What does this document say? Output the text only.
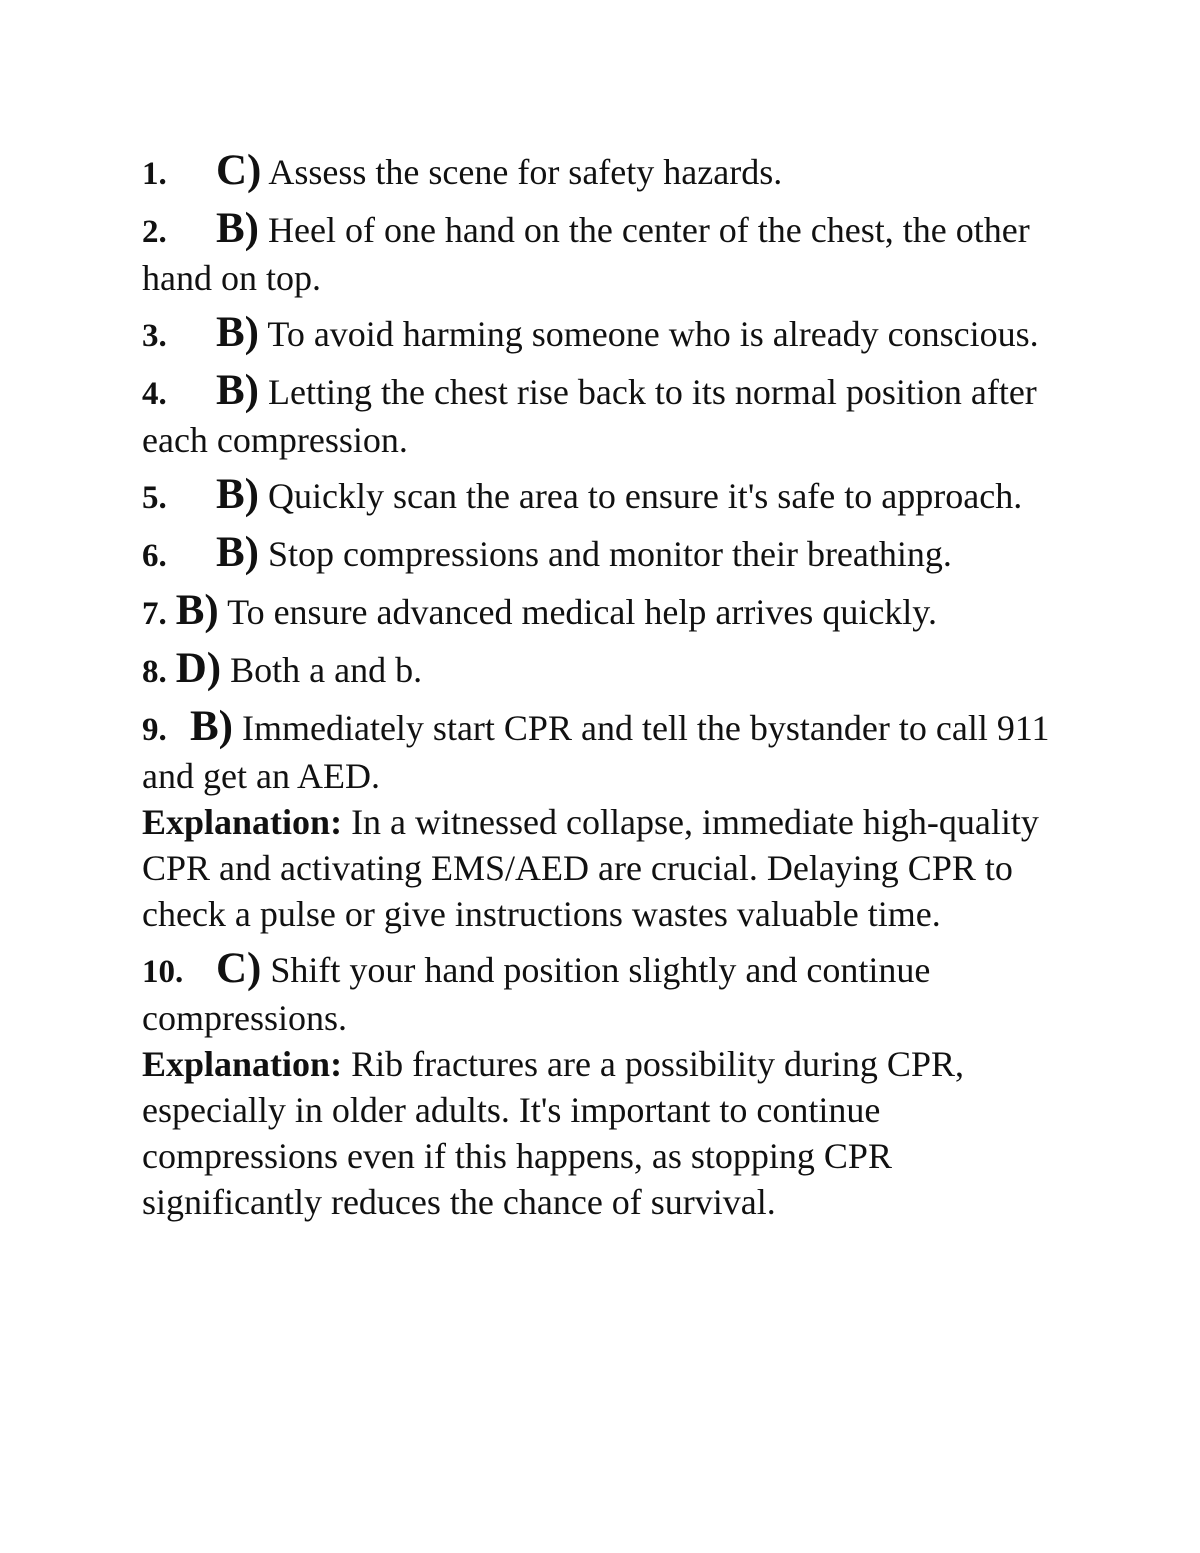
1. C) Assess the scene for safety hazards.

2. B) Heel of one hand on the center of the chest, the other hand on top.

3. B) To avoid harming someone who is already conscious.

4. B) Letting the chest rise back to its normal position after each compression.

5. B) Quickly scan the area to ensure it's safe to approach.

6. B) Stop compressions and monitor their breathing.

7. B) To ensure advanced medical help arrives quickly.

8. D) Both a and b.

9. B) Immediately start CPR and tell the bystander to call 911 and get an AED.

Explanation: In a witnessed collapse, immediate high-quality CPR and activating EMS/AED are crucial. Delaying CPR to check a pulse or give instructions wastes valuable time.

10. C) Shift your hand position slightly and continue compressions.

Explanation: Rib fractures are a possibility during CPR, especially in older adults. It's important to continue compressions even if this happens, as stopping CPR significantly reduces the chance of survival.
